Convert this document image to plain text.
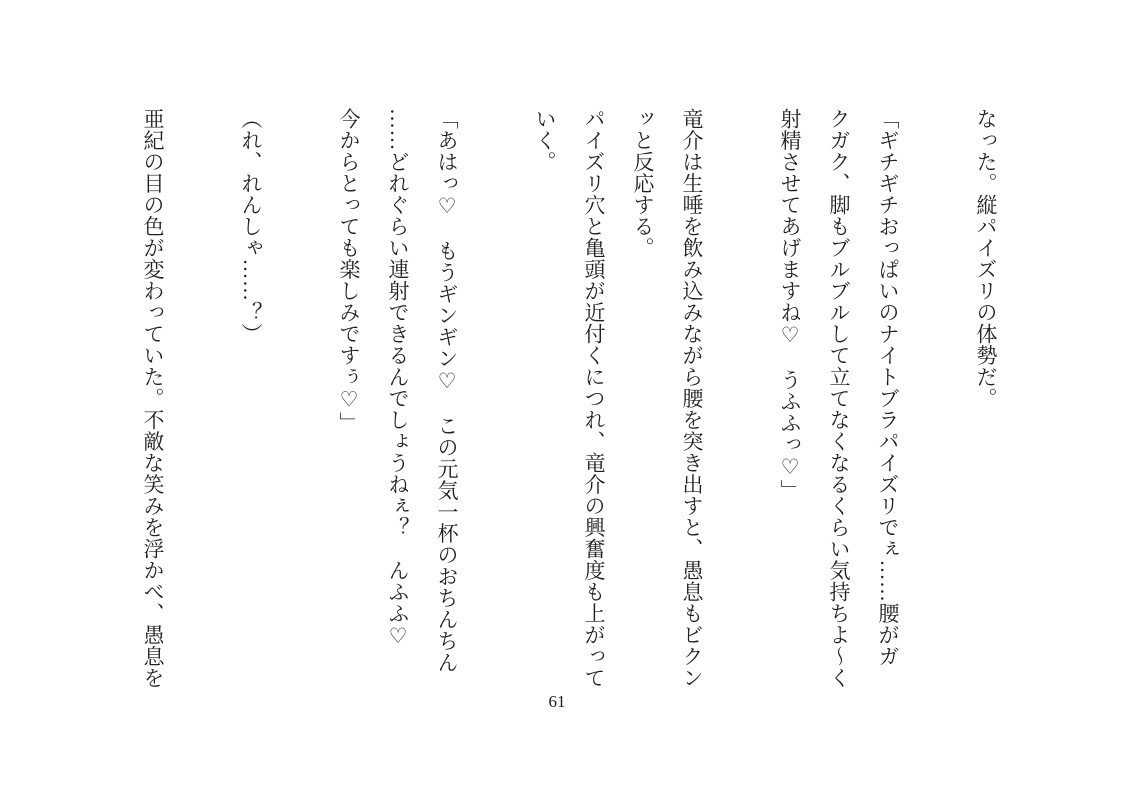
なった。縦パイズリの体勢だ。
「ギチギチおっぱいのナイトブラパイズリでぇ……腰がガ
クガク、脚もブルブルして立てなくなるくらい気持ちよ～く
射精させてあげますね♡　うふふっ♡」
竜介は生唾を飲み込みながら腰を突き出すと、愚息もビクン
ッと反応する。
パイズリ穴と亀頭が近付くにつれ、竜介の興奮度も上がって
いく。
「あはっ♡　もうギンギン♡　この元気一杯のおちんちん
……どれぐらい連射できるんでしょうねぇ？　んふふ♡
今からとっても楽しみですぅ♡」
（れ、れんしゃ……？）
亜紀の目の色が変わっていた。不敵な笑みを浮かべ、愚息を
61
